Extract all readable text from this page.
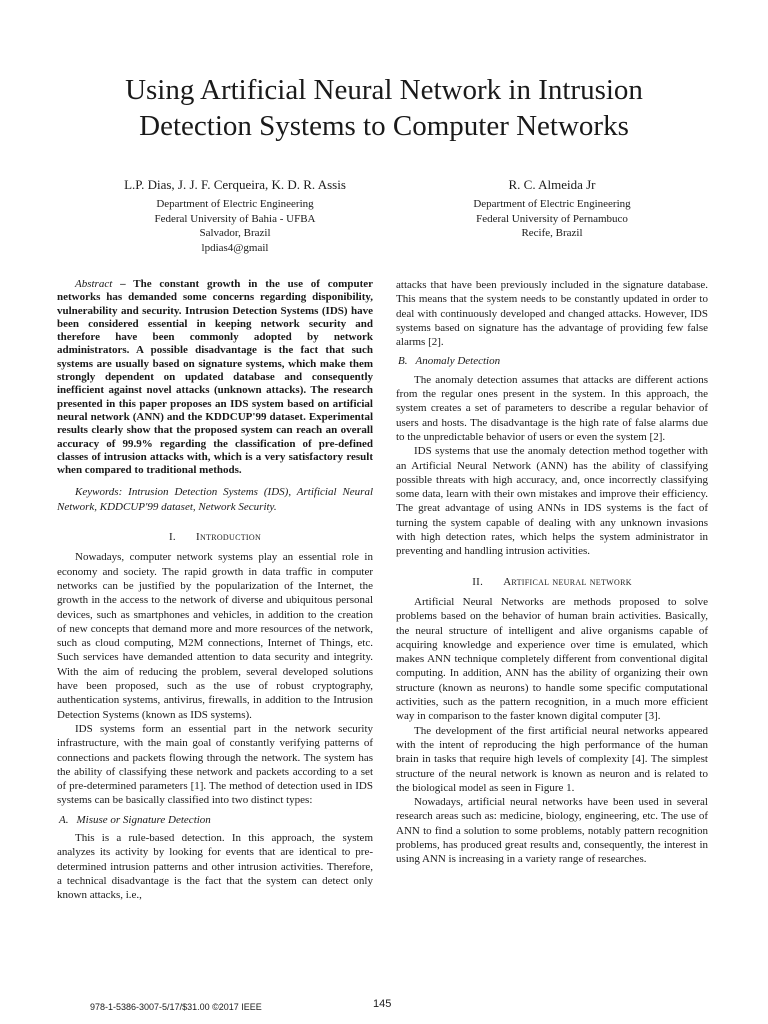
Using Artificial Neural Network in Intrusion
Detection Systems to Computer Networks
L.P. Dias, J. J. F. Cerqueira, K. D. R. Assis
Department of Electric Engineering
Federal University of Bahia - UFBA
Salvador, Brazil
lpdias4@gmail
R. C. Almeida Jr
Department of Electric Engineering
Federal University of Pernambuco
Recife, Brazil

Abstract – The constant growth in the use of computer networks has demanded some concerns regarding disponibility, vulnerability and security. Intrusion Detection Systems (IDS) have been considered essential in keeping network security and therefore have been commonly adopted by network administrators. A possible disadvantage is the fact that such systems are usually based on signature systems, which make them strongly dependent on updated database and consequently inefficient against novel attacks (unknown attacks). The research presented in this paper proposes an IDS system based on artificial neural network (ANN) and the KDDCUP'99 dataset. Experimental results clearly show that the proposed system can reach an overall accuracy of 99.9% regarding the classification of pre-defined classes of intrusion attacks with, which is a very satisfactory result when compared to traditional methods.

Keywords: Intrusion Detection Systems (IDS), Artificial Neural Network, KDDCUP'99 dataset, Network Security.

I. Introduction

Nowadays, computer network systems play an essential role in economy and society. The rapid growth in data traffic in computer networks can be justified by the popularization of the Internet, the growth in the access to the network of diverse and ubiquitous personal devices, such as smartphones and vehicles, in addition to the creation of new concepts that demand more and more resources of the network, such as cloud computing, M2M connections, Internet of Things, etc. Such services have demanded attention to data security and integrity. With the aim of reducing the problem, several developed solutions have been proposed, such as the use of robust cryptography, authentication systems, antivirus, firewalls, in addition to the Intrusion Detection Systems (known as IDS systems).

IDS systems form an essential part in the network security infrastructure, with the main goal of constantly verifying patterns of connections and packets flowing through the network. The system has the ability of classifying these network and packets according to a set of pre-determined parameters [1]. The method of detection used in IDS systems can be basically classified into two distinct types:

A. Misuse or Signature Detection

This is a rule-based detection. In this approach, the system analyzes its activity by looking for events that are identical to pre-determined intrusion patterns and other intrusion activities. Therefore, a technical disadvantage is the fact that the system can detect only known attacks, i.e.,

attacks that have been previously included in the signature database. This means that the system needs to be constantly updated in order to deal with continuously developed and changed attacks. However, IDS systems based on signature has the advantage of providing few false alarms [2].

B. Anomaly Detection

The anomaly detection assumes that attacks are different actions from the regular ones present in the system. In this approach, the system creates a set of parameters to describe a regular behavior of users and hosts. The disadvantage is the high rate of false alarms due to the unpredictable behavior of users or even the system [2].

IDS systems that use the anomaly detection method together with an Artificial Neural Network (ANN) has the ability of classifying possible threats with high accuracy, and, once incorrectly classifying some data, learn with their own mistakes and improve their efficiency. The great advantage of using ANNs in IDS systems is the fact of turning the system capable of dealing with any unknown invasions with high detection rates, which helps the system administrator in preventing and handling intrusion activities.

II. Artifical neural network

Artificial Neural Networks are methods proposed to solve problems based on the behavior of human brain activities. Basically, the neural structure of intelligent and alive organisms capable of acquiring knowledge and experience over time is emulated, which makes ANN technique completely different from conventional digital computing. In addition, ANN has the ability of organizing their own structure (known as neurons) to handle some specific computational activities, such as the pattern recognition, in a much more efficient way in comparison to the faster known digital computer [3].

The development of the first artificial neural networks appeared with the intent of reproducing the high performance of the human brain in tasks that require high levels of complexity [4]. The simplest structure of the neural network is known as neuron and is related to the biological model as seen in Figure 1.

Nowadays, artificial neural networks have been used in several research areas such as: medicine, biology, engineering, etc. The use of ANN to find a solution to some problems, notably pattern recognition problems, has produced great results and, consequently, the interest in using ANN is increasing in a variety range of researches.

978-1-5386-3007-5/17/$31.00 ©2017 IEEE	145
